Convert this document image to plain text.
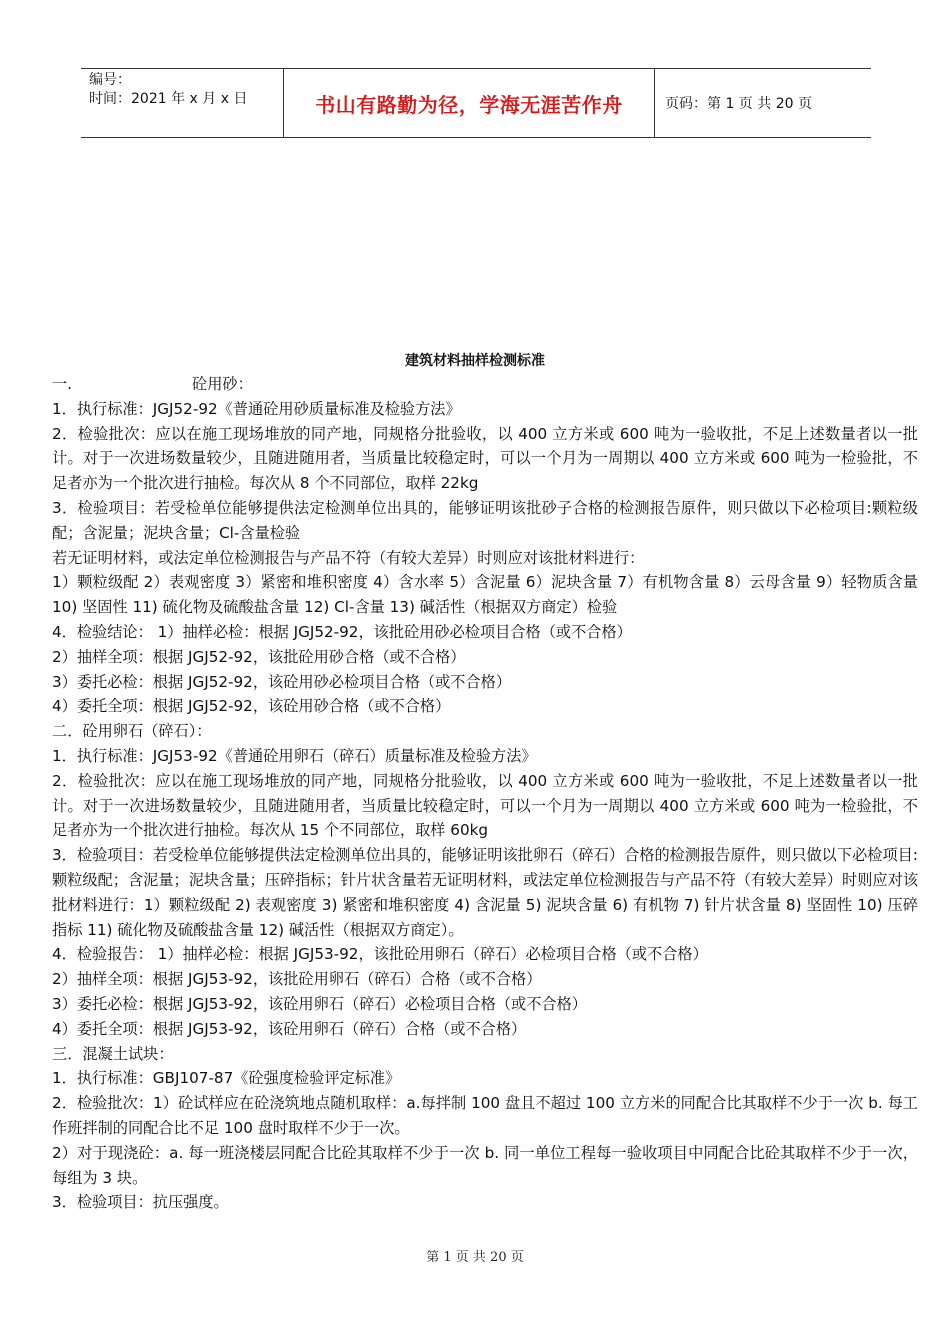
编号：
时间：2021 年 x 月 x 日	书山有路勤为径，学海无涯苦作舟	页码：第 1 页 共 20 页
建筑材料抽样检测标准

一.	砼用砂：

1．执行标准：JGJ52-92《普通砼用砂质量标准及检验方法》

2．检验批次：应以在施工现场堆放的同产地，同规格分批验收，以 400 立方米或 600 吨为一验收批，不足上述数量者以一批计。对于一次进场数量较少，且随进随用者，当质量比较稳定时，可以一个月为一周期以 400 立方米或 600 吨为一检验批，不足者亦为一个批次进行抽检。每次从 8 个不同部位，取样 22kg

3．检验项目：若受检单位能够提供法定检测单位出具的，能够证明该批砂子合格的检测报告原件，则只做以下必检项目:颗粒级配；含泥量；泥块含量；Cl-含量检验

若无证明材料，或法定单位检测报告与产品不符（有较大差异）时则应对该批材料进行：

1）颗粒级配 2）表观密度 3）紧密和堆积密度 4）含水率 5）含泥量 6）泥块含量 7）有机物含量 8）云母含量 9）轻物质含量 10) 坚固性 11) 硫化物及硫酸盐含量 12) Cl-含量 13) 碱活性（根据双方商定）检验

4．检验结论： 1）抽样必检：根据 JGJ52-92，该批砼用砂必检项目合格（或不合格）

2）抽样全项：根据 JGJ52-92，该批砼用砂合格（或不合格）

3）委托必检：根据 JGJ52-92，该砼用砂必检项目合格（或不合格）

4）委托全项：根据 JGJ52-92，该砼用砂合格（或不合格）

二．砼用卵石（碎石）：

1．执行标准：JGJ53-92《普通砼用卵石（碎石）质量标准及检验方法》

2．检验批次：应以在施工现场堆放的同产地，同规格分批验收，以 400 立方米或 600 吨为一验收批，不足上述数量者以一批计。对于一次进场数量较少，且随进随用者，当质量比较稳定时，可以一个月为一周期以 400 立方米或 600 吨为一检验批，不足者亦为一个批次进行抽检。每次从 15 个不同部位，取样 60kg

3．检验项目：若受检单位能够提供法定检测单位出具的，能够证明该批卵石（碎石）合格的检测报告原件，则只做以下必检项目:颗粒级配；含泥量；泥块含量；压碎指标；针片状含量若无证明材料，或法定单位检测报告与产品不符（有较大差异）时则应对该批材料进行：1）颗粒级配 2) 表观密度 3) 紧密和堆积密度 4) 含泥量 5) 泥块含量 6) 有机物 7) 针片状含量 8) 坚固性 10) 压碎指标 11) 硫化物及硫酸盐含量 12) 碱活性（根据双方商定）。

4．检验报告： 1）抽样必检：根据 JGJ53-92，该批砼用卵石（碎石）必检项目合格（或不合格）

2）抽样全项：根据 JGJ53-92，该批砼用卵石（碎石）合格（或不合格）

3）委托必检：根据 JGJ53-92，该砼用卵石（碎石）必检项目合格（或不合格）

4）委托全项：根据 JGJ53-92，该砼用卵石（碎石）合格（或不合格）

三．混凝土试块：

1．执行标准：GBJ107-87《砼强度检验评定标准》

2．检验批次：1）砼试样应在砼浇筑地点随机取样：a.每拌制 100 盘且不超过 100 立方米的同配合比其取样不少于一次 b. 每工作班拌制的同配合比不足 100 盘时取样不少于一次。

2）对于现浇砼：a. 每一班浇楼层同配合比砼其取样不少于一次 b. 同一单位工程每一验收项目中同配合比砼其取样不少于一次，每组为 3 块。

3．检验项目：抗压强度。

第 1 页 共 20 页
